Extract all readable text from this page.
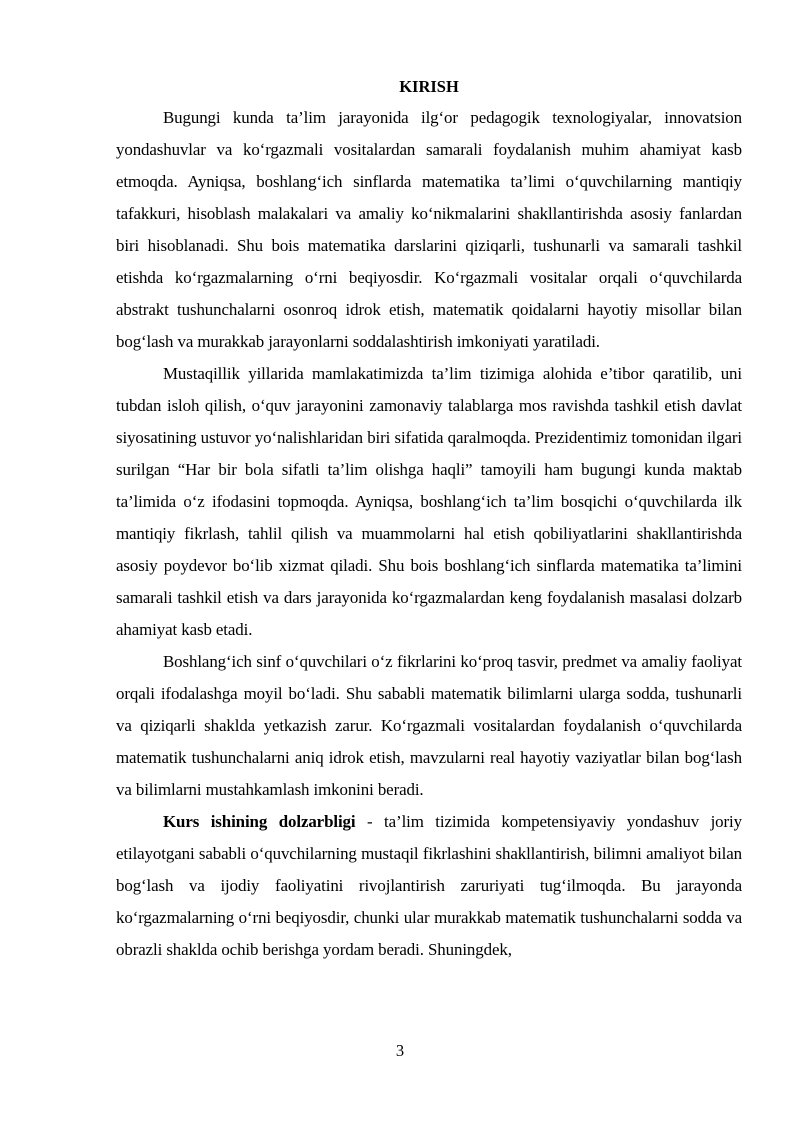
KIRISH

Bugungi kunda ta’lim jarayonida ilg‘or pedagogik texnologiyalar, innovatsion yondashuvlar va ko‘rgazmali vositalardan samarali foydalanish muhim ahamiyat kasb etmoqda. Ayniqsa, boshlang‘ich sinflarda matematika ta’limi o‘quvchilarning mantiqiy tafakkuri, hisoblash malakalari va amaliy ko‘nikmalarini shakllantirishda asosiy fanlardan biri hisoblanadi. Shu bois matematika darslarini qiziqarli, tushunarli va samarali tashkil etishda ko‘rgazmalarning o‘rni beqiyosdir. Ko‘rgazmali vositalar orqali o‘quvchilarda abstrakt tushunchalarni osonroq idrok etish, matematik qoidalarni hayotiy misollar bilan bog‘lash va murakkab jarayonlarni soddalashtirish imkoniyati yaratiladi.

Mustaqillik yillarida mamlakatimizda ta’lim tizimiga alohida e’tibor qaratilib, uni tubdan isloh qilish, o‘quv jarayonini zamonaviy talablarga mos ravishda tashkil etish davlat siyosatining ustuvor yo‘nalishlaridan biri sifatida qaralmoqda. Prezidentimiz tomonidan ilgari surilgan “Har bir bola sifatli ta’lim olishga haqli” tamoyili ham bugungi kunda maktab ta’limida o‘z ifodasini topmoqda. Ayniqsa, boshlang‘ich ta’lim bosqichi o‘quvchilarda ilk mantiqiy fikrlash, tahlil qilish va muammolarni hal etish qobiliyatlarini shakllantirishda asosiy poydevor bo‘lib xizmat qiladi. Shu bois boshlang‘ich sinflarda matematika ta’limini samarali tashkil etish va dars jarayonida ko‘rgazmalardan keng foydalanish masalasi dolzarb ahamiyat kasb etadi.

Boshlang‘ich sinf o‘quvchilari o‘z fikrlarini ko‘proq tasvir, predmet va amaliy faoliyat orqali ifodalashga moyil bo‘ladi. Shu sababli matematik bilimlarni ularga sodda, tushunarli va qiziqarli shaklda yetkazish zarur. Ko‘rgazmali vositalardan foydalanish o‘quvchilarda matematik tushunchalarni aniq idrok etish, mavzularni real hayotiy vaziyatlar bilan bog‘lash va bilimlarni mustahkamlash imkonini beradi.

Kurs ishining dolzarbligi - ta’lim tizimida kompetensiyaviy yondashuv joriy etilayotgani sababli o‘quvchilarning mustaqil fikrlashini shakllantirish, bilimni amaliyot bilan bog‘lash va ijodiy faoliyatini rivojlantirish zaruriyati tug‘ilmoqda. Bu jarayonda ko‘rgazmalarning o‘rni beqiyosdir, chunki ular murakkab matematik tushunchalarni sodda va obrazli shaklda ochib berishga yordam beradi. Shuningdek,

3
